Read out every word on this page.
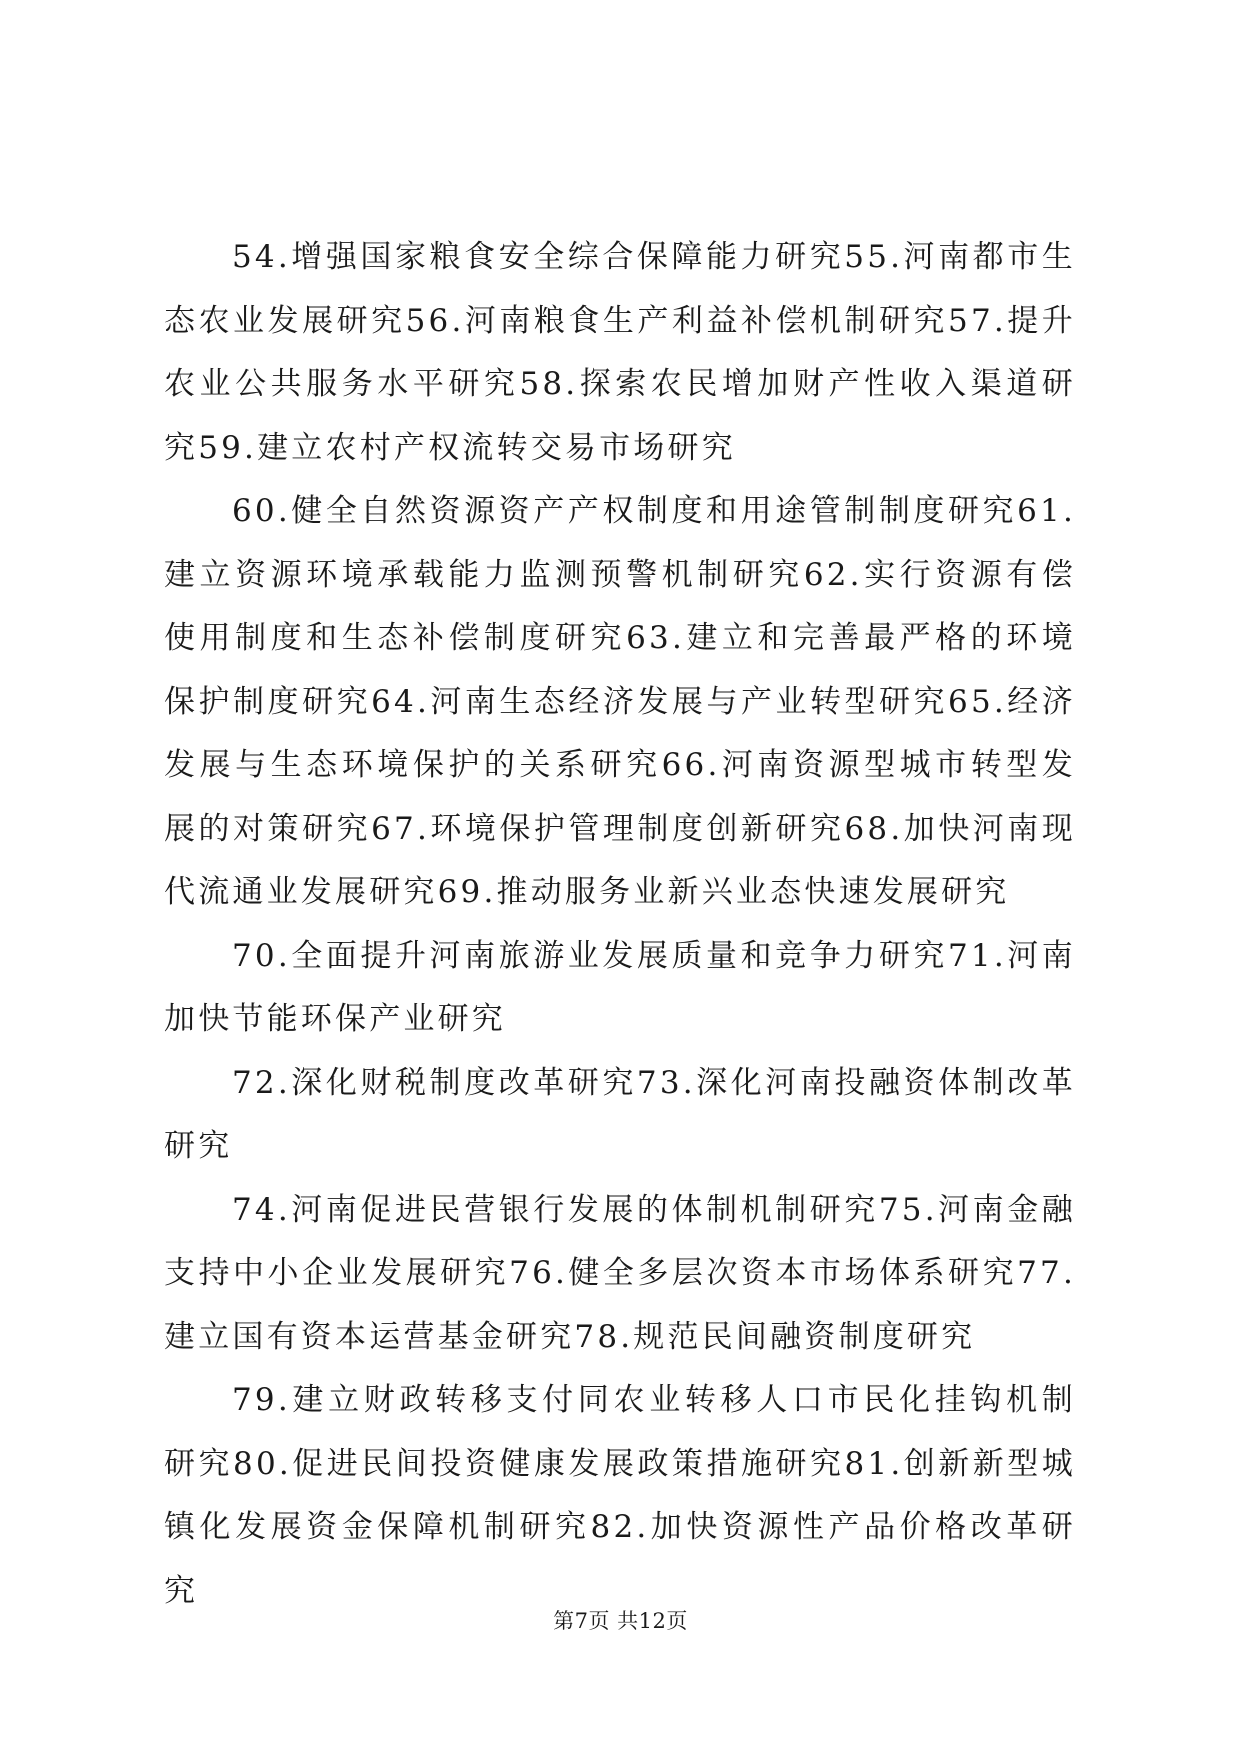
54.增强国家粮食安全综合保障能力研究55.河南都市生态农业发展研究56.河南粮食生产利益补偿机制研究57.提升农业公共服务水平研究58.探索农民增加财产性收入渠道研究59.建立农村产权流转交易市场研究

60.健全自然资源资产产权制度和用途管制制度研究61.建立资源环境承载能力监测预警机制研究62.实行资源有偿使用制度和生态补偿制度研究63.建立和完善最严格的环境保护制度研究64.河南生态经济发展与产业转型研究65.经济发展与生态环境保护的关系研究66.河南资源型城市转型发展的对策研究67.环境保护管理制度创新研究68.加快河南现代流通业发展研究69.推动服务业新兴业态快速发展研究

70.全面提升河南旅游业发展质量和竞争力研究71.河南加快节能环保产业研究

72.深化财税制度改革研究73.深化河南投融资体制改革研究

74.河南促进民营银行发展的体制机制研究75.河南金融支持中小企业发展研究76.健全多层次资本市场体系研究77.建立国有资本运营基金研究78.规范民间融资制度研究

79.建立财政转移支付同农业转移人口市民化挂钩机制研究80.促进民间投资健康发展政策措施研究81.创新新型城镇化发展资金保障机制研究82.加快资源性产品价格改革研究

第7页 共12页
